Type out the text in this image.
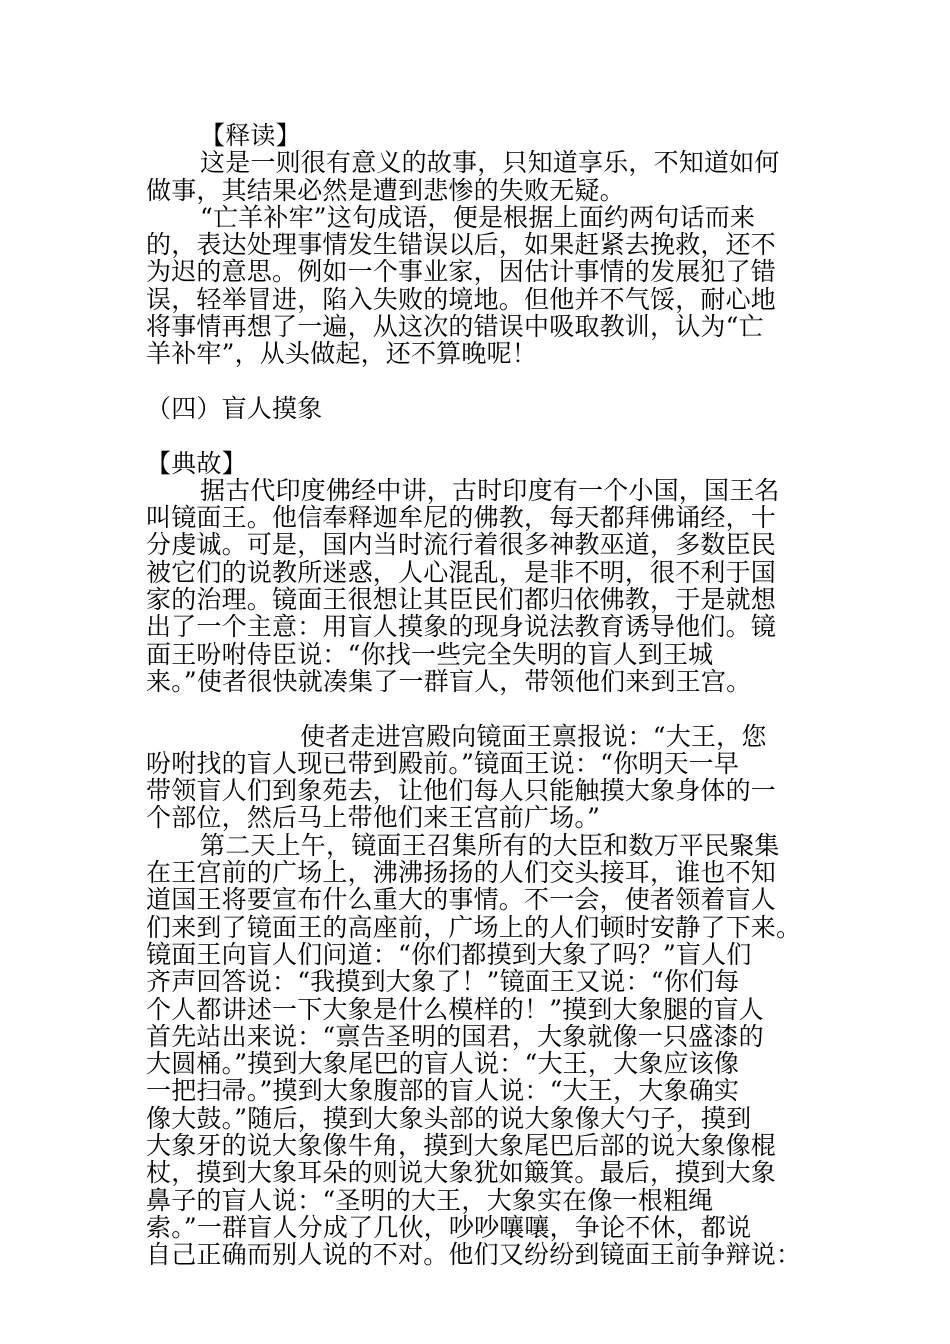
【释读】
这是一则很有意义的故事，只知道享乐，不知道如何
做事，其结果必然是遭到悲惨的失败无疑。
“亡羊补牢”这句成语，便是根据上面约两句话而来
的，表达处理事情发生错误以后，如果赶紧去挽救，还不
为迟的意思。例如一个事业家，因估计事情的发展犯了错
误，轻举冒进，陷入失败的境地。但他并不气馁，耐心地
将事情再想了一遍，从这次的错误中吸取教训，认为“亡
羊补牢”，从头做起，还不算晚呢！
（四）盲人摸象
【典故】
据古代印度佛经中讲，古时印度有一个小国，国王名
叫镜面王。他信奉释迦牟尼的佛教，每天都拜佛诵经，十
分虔诚。可是，国内当时流行着很多神教巫道，多数臣民
被它们的说教所迷惑，人心混乱，是非不明，很不利于国
家的治理。镜面王很想让其臣民们都归依佛教，于是就想
出了一个主意：用盲人摸象的现身说法教育诱导他们。镜
面王吩咐侍臣说：“你找一些完全失明的盲人到王城
来。”使者很快就凑集了一群盲人，带领他们来到王宫。
使者走进宫殿向镜面王禀报说：“大王，您
吩咐找的盲人现已带到殿前。”镜面王说：“你明天一早
带领盲人们到象苑去，让他们每人只能触摸大象身体的一
个部位，然后马上带他们来王宫前广场。”
第二天上午，镜面王召集所有的大臣和数万平民聚集
在王宫前的广场上，沸沸扬扬的人们交头接耳，谁也不知
道国王将要宣布什么重大的事情。不一会，使者领着盲人
们来到了镜面王的高座前，广场上的人们顿时安静了下来。
镜面王向盲人们问道：“你们都摸到大象了吗？”盲人们
齐声回答说：“我摸到大象了！”镜面王又说：“你们每
个人都讲述一下大象是什么模样的！”摸到大象腿的盲人
首先站出来说：“禀告圣明的国君，大象就像一只盛漆的
大圆桶。”摸到大象尾巴的盲人说：“大王，大象应该像
一把扫帚。”摸到大象腹部的盲人说：“大王，大象确实
像大鼓。”随后，摸到大象头部的说大象像大勺子，摸到
大象牙的说大象像牛角，摸到大象尾巴后部的说大象像棍
杖，摸到大象耳朵的则说大象犹如簸箕。最后，摸到大象
鼻子的盲人说：“圣明的大王，大象实在像一根粗绳
索。”一群盲人分成了几伙，吵吵嚷嚷，争论不休，都说
自己正确而别人说的不对。他们又纷纷到镜面王前争辩说：
